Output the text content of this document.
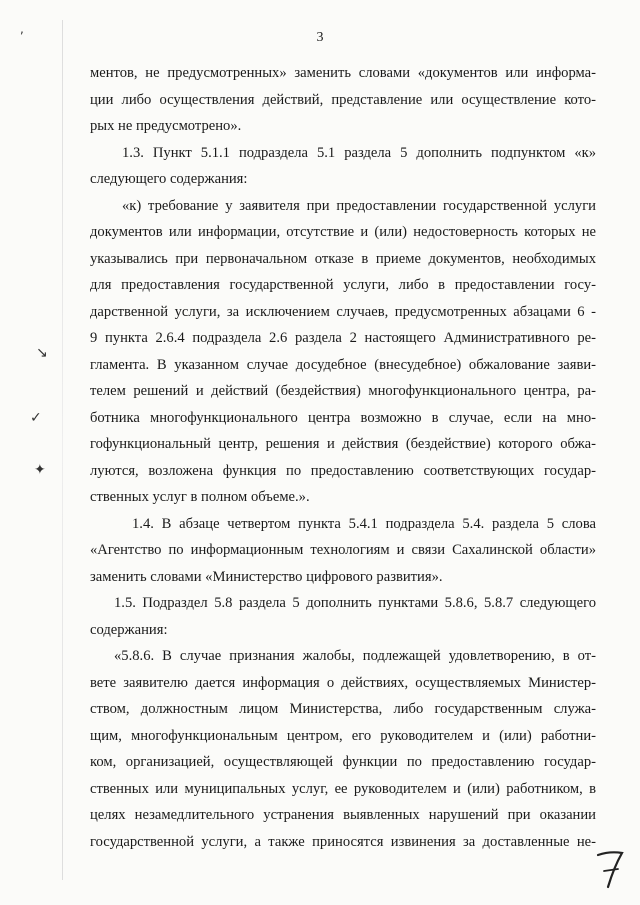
3
,
↘
✓
✦
ментов, не предусмотренных» заменить словами «документов или информа-
ции либо осуществления действий, представление или осуществление кото-
рых не предусмотрено».
1.3. Пункт 5.1.1 подраздела 5.1 раздела 5 дополнить подпунктом «к»
следующего содержания:
«к) требование у заявителя при предоставлении государственной услуги
документов или информации, отсутствие и (или) недостоверность которых не
указывались при первоначальном отказе в приеме документов, необходимых
для предоставления государственной услуги, либо в предоставлении госу-
дарственной услуги, за исключением случаев, предусмотренных абзацами 6 -
9 пункта 2.6.4 подраздела 2.6 раздела 2 настоящего Административного ре-
гламента. В указанном случае досудебное (внесудебное) обжалование заяви-
телем решений и действий (бездействия) многофункционального центра, ра-
ботника многофункционального центра возможно в случае, если на мно-
гофункциональный центр, решения и действия (бездействие) которого обжа-
луются, возложена функция по предоставлению соответствующих государ-
ственных услуг в полном объеме.».
1.4. В абзаце четвертом пункта 5.4.1 подраздела 5.4. раздела 5 слова
«Агентство по информационным технологиям и связи Сахалинской области»
заменить словами «Министерство цифрового развития».
1.5. Подраздел 5.8 раздела 5 дополнить пунктами 5.8.6, 5.8.7 следующего
содержания:
«5.8.6. В случае признания жалобы, подлежащей удовлетворению, в от-
вете заявителю дается информация о действиях, осуществляемых Министер-
ством, должностным лицом Министерства, либо государственным служа-
щим, многофункциональным центром, его руководителем и (или) работни-
ком, организацией, осуществляющей функции по предоставлению государ-
ственных или муниципальных услуг, ее руководителем и (или) работником, в
целях незамедлительного устранения выявленных нарушений при оказании
государственной услуги, а также приносятся извинения за доставленные не-
